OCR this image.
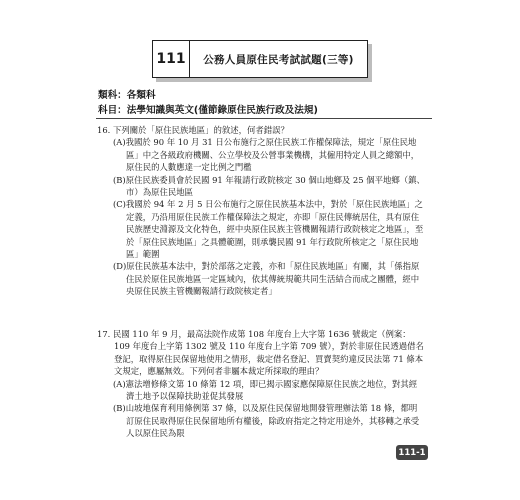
111	公務人員原住民考試試題(三等)
類科：各類科
科目：法學知識與英文(僅節錄原住民族行政及法規)
16. 下列關於「原住民族地區」的敘述，何者錯誤？
(A)我國於 90 年 10 月 31 日公布施行之原住民族工作權保障法，規定「原住民地區」中之各級政府機關、公立學校及公營事業機構，其僱用特定人員之總額中，原住民的人數應達一定比例之門檻
(B)原住民族委員會於民國 91 年報請行政院核定 30 個山地鄉及 25 個平地鄉（鎮、市）為原住民地區
(C)我國於 94 年 2 月 5 日公布施行之原住民族基本法中，對於「原住民族地區」之定義，乃沿用原住民族工作權保障法之規定，亦即「原住民傳統居住，具有原住民族歷史淵源及文化特色，經中央原住民族主管機關報請行政院核定之地區」，至於「原住民族地區」之具體範圍，則承襲民國 91 年行政院所核定之「原住民地區」範圍
(D)原住民族基本法中，對於部落之定義，亦和「原住民族地區」有關，其「係指原住民於原住民族地區一定區域內，依其傳統規範共同生活結合而成之團體，經中央原住民族主管機關報請行政院核定者」
17. 民國 110 年 9 月，最高法院作成第 108 年度台上大字第 1636 號裁定（例案：109 年度台上字第 1302 號及 110 年度台上字第 709 號），對於非原住民透過借名登記，取得原住民保留地使用之情形，裁定借名登記、買賣契約違反民法第 71 條本文規定，應屬無效。下列何者非屬本裁定所採取的理由？
(A)憲法增修條文第 10 條第 12 項，即已揭示國家應保障原住民族之地位，對其經濟土地予以保障扶助並促其發展
(B)山坡地保育利用條例第 37 條，以及原住民保留地開發管理辦法第 18 條，都明訂原住民取得原住民保留地所有權後，除政府指定之特定用途外，其移轉之承受人以原住民為限
111-1
